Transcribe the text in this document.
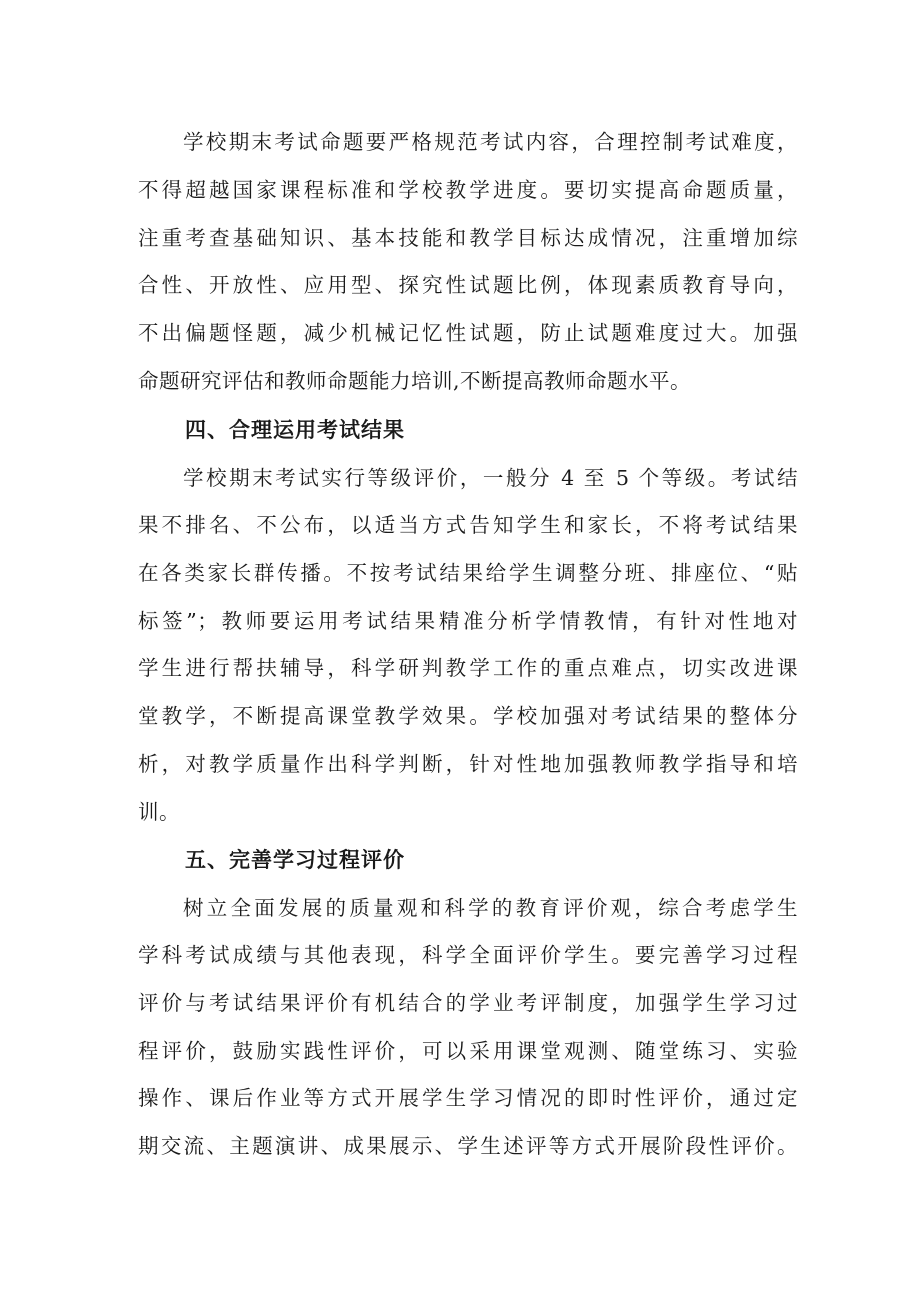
学校期末考试命题要严格规范考试内容，合理控制考试难度，
不得超越国家课程标准和学校教学进度。要切实提高命题质量，
注重考查基础知识、基本技能和教学目标达成情况，注重增加综
合性、开放性、应用型、探究性试题比例，体现素质教育导向，
不出偏题怪题，减少机械记忆性试题，防止试题难度过大。加强
命题研究评估和教师命题能力培训,不断提高教师命题水平。
四、合理运用考试结果
学校期末考试实行等级评价，一般分 4 至 5 个等级。考试结
果不排名、不公布，以适当方式告知学生和家长，不将考试结果
在各类家长群传播。不按考试结果给学生调整分班、排座位、“贴
标签”；教师要运用考试结果精准分析学情教情，有针对性地对
学生进行帮扶辅导，科学研判教学工作的重点难点，切实改进课
堂教学，不断提高课堂教学效果。学校加强对考试结果的整体分
析，对教学质量作出科学判断，针对性地加强教师教学指导和培
训。
五、完善学习过程评价
树立全面发展的质量观和科学的教育评价观，综合考虑学生
学科考试成绩与其他表现，科学全面评价学生。要完善学习过程
评价与考试结果评价有机结合的学业考评制度，加强学生学习过
程评价，鼓励实践性评价，可以采用课堂观测、随堂练习、实验
操作、课后作业等方式开展学生学习情况的即时性评价，通过定
期交流、主题演讲、成果展示、学生述评等方式开展阶段性评价。
